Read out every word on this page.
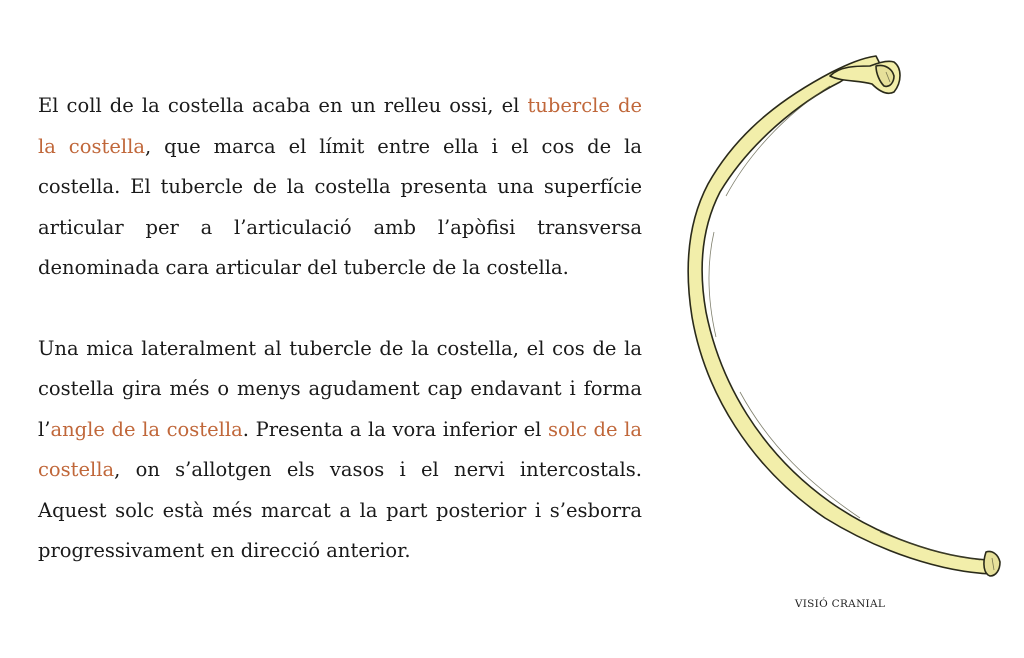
El coll de la costella acaba en un relleu ossi, el tubercle de la costella, que marca el límit entre ella i el cos de la costella. El tubercle de la costella presenta una superfície articular per a l’articulació amb l’apòfisi transversa denominada cara articular del tubercle de la costella.

Una mica lateralment al tubercle de la costella, el cos de la costella gira més o menys agudament cap endavant i forma l’angle de la costella. Presenta a la vora inferior el solc de la costella, on s’allotgen els vasos i el nervi intercostals. Aquest solc està més marcat a la part posterior i s’esborra progressivament en direcció anterior.

VISIÓ CRANIAL
